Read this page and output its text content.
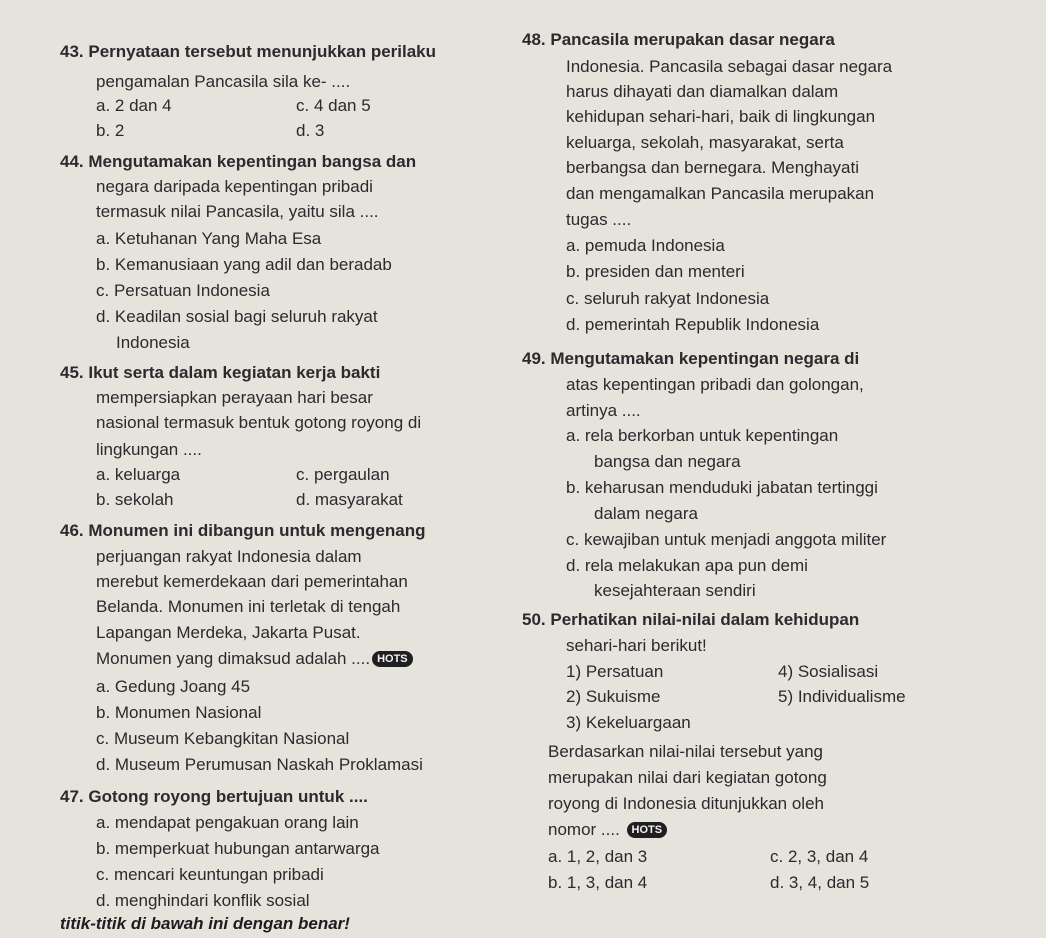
43. Pernyataan tersebut menunjukkan perilaku
pengamalan Pancasila sila ke- ....
a. 2 dan 4	c. 4 dan 5
b. 2	d. 3
44. Mengutamakan kepentingan bangsa dan
negara daripada kepentingan pribadi
termasuk nilai Pancasila, yaitu sila ....
a. Ketuhanan Yang Maha Esa
b. Kemanusiaan yang adil dan beradab
c. Persatuan Indonesia
d. Keadilan sosial bagi seluruh rakyat
Indonesia
45. Ikut serta dalam kegiatan kerja bakti
mempersiapkan perayaan hari besar
nasional termasuk bentuk gotong royong di
lingkungan ....
a. keluarga	c. pergaulan
b. sekolah	d. masyarakat
46. Monumen ini dibangun untuk mengenang
perjuangan rakyat Indonesia dalam
merebut kemerdekaan dari pemerintahan
Belanda. Monumen ini terletak di tengah
Lapangan Merdeka, Jakarta Pusat.
Monumen yang dimaksud adalah .... HOTS
a. Gedung Joang 45
b. Monumen Nasional
c. Museum Kebangkitan Nasional
d. Museum Perumusan Naskah Proklamasi
47. Gotong royong bertujuan untuk ....
a. mendapat pengakuan orang lain
b. memperkuat hubungan antarwarga
c. mencari keuntungan pribadi
d. menghindari konflik sosial
48. Pancasila merupakan dasar negara
Indonesia. Pancasila sebagai dasar negara
harus dihayati dan diamalkan dalam
kehidupan sehari-hari, baik di lingkungan
keluarga, sekolah, masyarakat, serta
berbangsa dan bernegara. Menghayati
dan mengamalkan Pancasila merupakan
tugas ....
a. pemuda Indonesia
b. presiden dan menteri
c. seluruh rakyat Indonesia
d. pemerintah Republik Indonesia
49. Mengutamakan kepentingan negara di
atas kepentingan pribadi dan golongan,
artinya ....
a. rela berkorban untuk kepentingan
bangsa dan negara
b. keharusan menduduki jabatan tertinggi
dalam negara
c. kewajiban untuk menjadi anggota militer
d. rela melakukan apa pun demi
kesejahteraan sendiri
50. Perhatikan nilai-nilai dalam kehidupan
sehari-hari berikut!
1) Persatuan	4) Sosialisasi
2) Sukuisme	5) Individualisme
3) Kekeluargaan
Berdasarkan nilai-nilai tersebut yang
merupakan nilai dari kegiatan gotong
royong di Indonesia ditunjukkan oleh
nomor .... HOTS
a. 1, 2, dan 3	c. 2, 3, dan 4
b. 1, 3, dan 4	d. 3, 4, dan 5
titik-titik di bawah ini dengan benar!
